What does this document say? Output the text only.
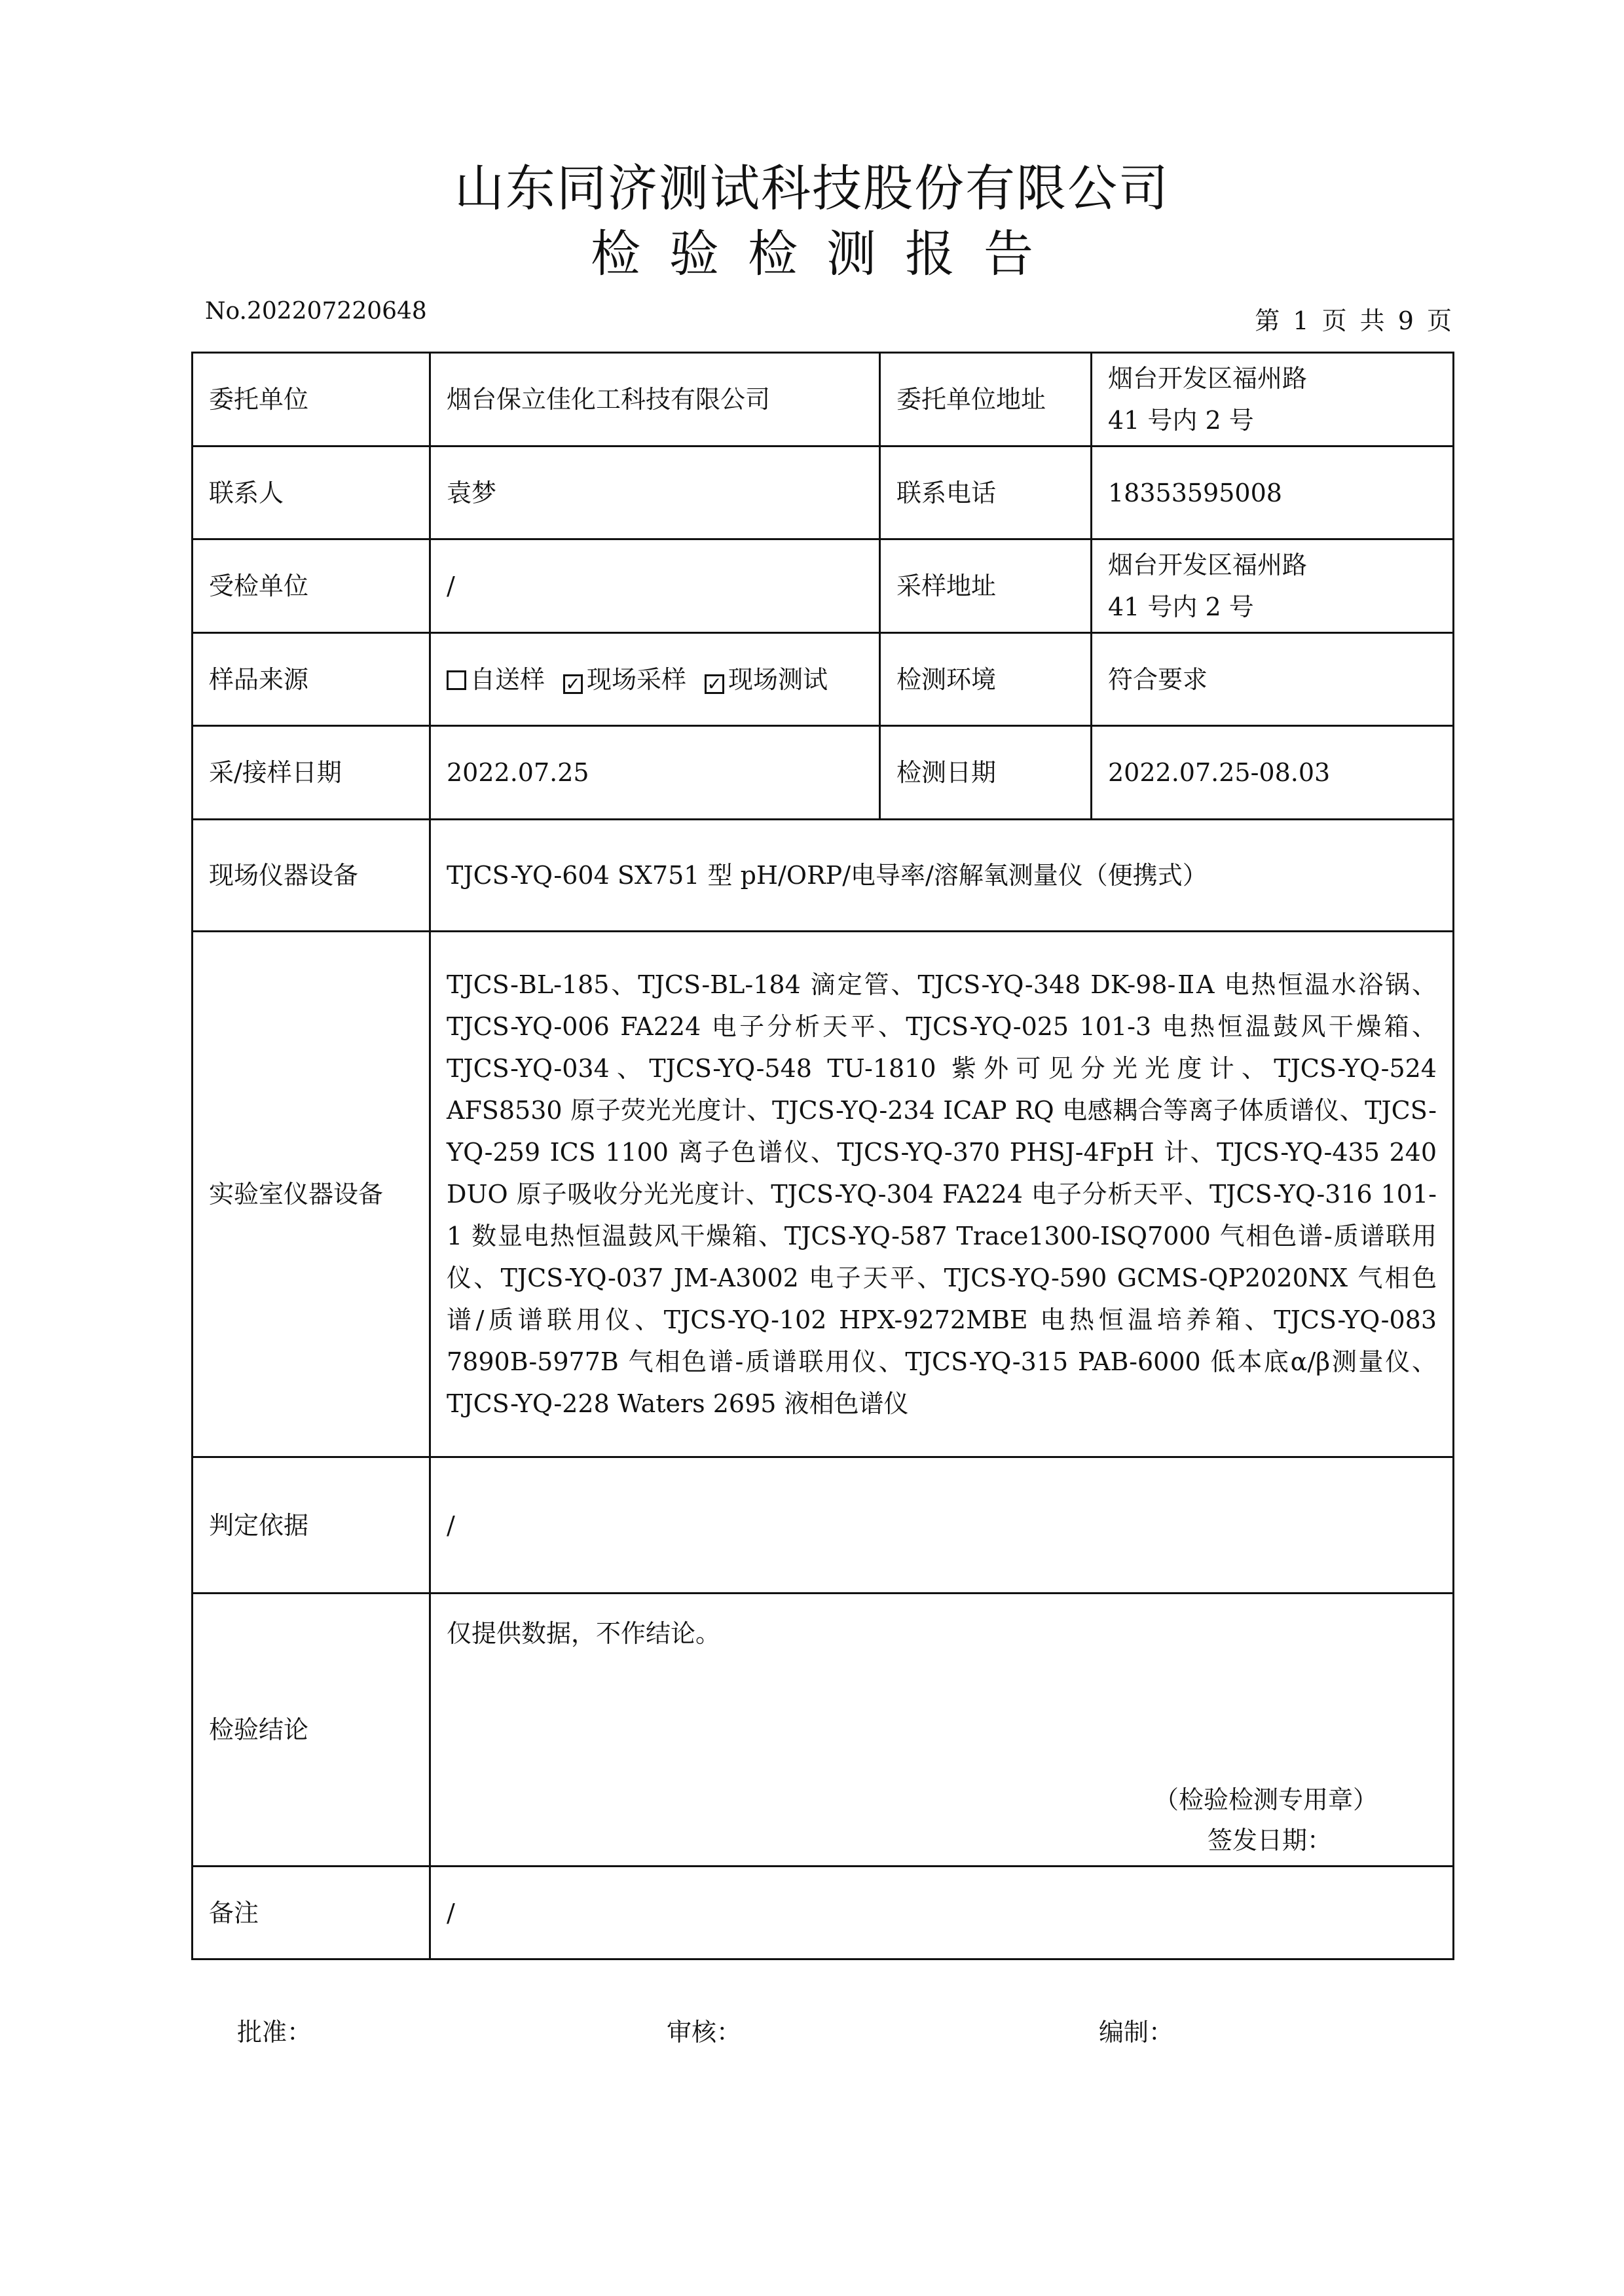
山东同济测试科技股份有限公司
检验检测报告
No.202207220648	第 1 页 共 9 页
委托单位	烟台保立佳化工科技有限公司	委托单位地址	烟台开发区福州路
41 号内 2 号

联系人	袁梦	联系电话	18353595008
受检单位	/	采样地址	烟台开发区福州路
41 号内 2 号

样品来源	自送样 ✓ 现场采样 ✓ 现场测试	检测环境	符合要求
采/接样日期	2022.07.25	检测日期	2022.07.25-08.03
现场仪器设备	TJCS-YQ-604 SX751 型 pH/ORP/电导率/溶解氧测量仪（便携式）		
实验室仪器设备	TJCS-BL-185、TJCS-BL-184 滴定管、TJCS-YQ-348 DK-98-ⅡA 电热恒温水浴锅、TJCS-YQ-006 FA224 电子分析天平、TJCS-YQ-025 101-3 电热恒温鼓风干燥箱、TJCS-YQ-034、TJCS-YQ-548 TU-1810 紫外可见分光光度计、TJCS-YQ-524 AFS8530 原子荧光光度计、TJCS-YQ-234 ICAP RQ 电感耦合等离子体质谱仪、TJCS-YQ-259 ICS 1100 离子色谱仪、TJCS-YQ-370 PHSJ-4FpH 计、TJCS-YQ-435 240 DUO 原子吸收分光光度计、TJCS-YQ-304 FA224 电子分析天平、TJCS-YQ-316 101-1 数显电热恒温鼓风干燥箱、TJCS-YQ-587 Trace1300-ISQ7000 气相色谱-质谱联用仪、TJCS-YQ-037 JM-A3002 电子天平、TJCS-YQ-590 GCMS-QP2020NX 气相色谱/质谱联用仪、TJCS-YQ-102 HPX-9272MBE 电热恒温培养箱、TJCS-YQ-083 7890B-5977B 气相色谱-质谱联用仪、TJCS-YQ-315 PAB-6000 低本底α/β测量仪、TJCS-YQ-228 Waters 2695 液相色谱仪		
判定依据	/		
检验结论	仅提供数据，不作结论。
（检验检测专用章）
签发日期：		

备注	/		
批准：	审核：	编制：
